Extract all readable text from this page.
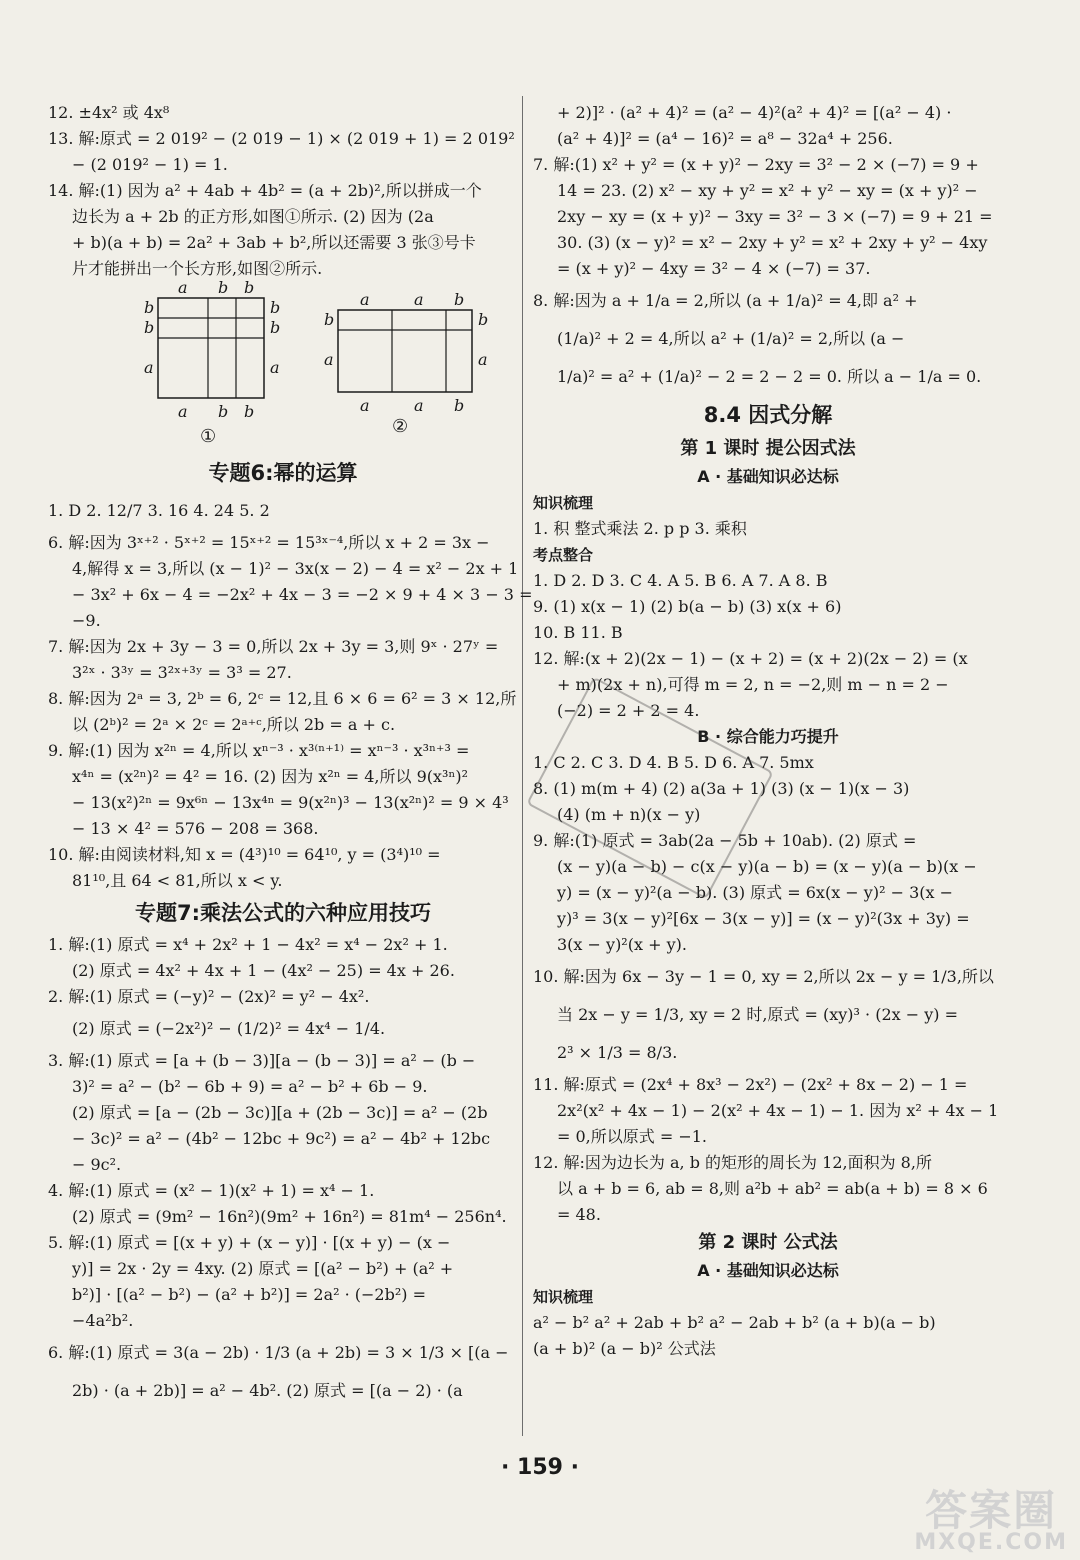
12. ±4x² 或 4x⁸
13. 解:原式 = 2 019² − (2 019 − 1) × (2 019 + 1) = 2 019²
− (2 019² − 1) = 1.
14. 解:(1) 因为 a² + 4ab + 4b² = (a + 2b)²,所以拼成一个
边长为 a + 2b 的正方形,如图①所示. (2) 因为 (2a
+ b)(a + b) = 2a² + 3ab + b²,所以还需要 3 张③号卡
片才能拼出一个长方形,如图②所示.
a b b
b
b
a
b
b
a
a b b
①
a	a b
b
a
b
a
a	a b
②
专题6:幂的运算
1. D 2. 12/7 3. 16 4. 24 5. 2
6. 解:因为 3ˣ⁺² · 5ˣ⁺² = 15ˣ⁺² = 15³ˣ⁻⁴,所以 x + 2 = 3x −
4,解得 x = 3,所以 (x − 1)² − 3x(x − 2) − 4 = x² − 2x + 1
− 3x² + 6x − 4 = −2x² + 4x − 3 = −2 × 9 + 4 × 3 − 3 =
−9.
7. 解:因为 2x + 3y − 3 = 0,所以 2x + 3y = 3,则 9ˣ · 27ʸ =
3²ˣ · 3³ʸ = 3²ˣ⁺³ʸ = 3³ = 27.
8. 解:因为 2ᵃ = 3, 2ᵇ = 6, 2ᶜ = 12,且 6 × 6 = 6² = 3 × 12,所
以 (2ᵇ)² = 2ᵃ × 2ᶜ = 2ᵃ⁺ᶜ,所以 2b = a + c.
9. 解:(1) 因为 x²ⁿ = 4,所以 xⁿ⁻³ · x³⁽ⁿ⁺¹⁾ = xⁿ⁻³ · x³ⁿ⁺³ =
x⁴ⁿ = (x²ⁿ)² = 4² = 16. (2) 因为 x²ⁿ = 4,所以 9(x³ⁿ)²
− 13(x²)²ⁿ = 9x⁶ⁿ − 13x⁴ⁿ = 9(x²ⁿ)³ − 13(x²ⁿ)² = 9 × 4³
− 13 × 4² = 576 − 208 = 368.
10. 解:由阅读材料,知 x = (4³)¹⁰ = 64¹⁰, y = (3⁴)¹⁰ =
81¹⁰,且 64 < 81,所以 x < y.
专题7:乘法公式的六种应用技巧
1. 解:(1) 原式 = x⁴ + 2x² + 1 − 4x² = x⁴ − 2x² + 1.
(2) 原式 = 4x² + 4x + 1 − (4x² − 25) = 4x + 26.
2. 解:(1) 原式 = (−y)² − (2x)² = y² − 4x².
(2) 原式 = (−2x²)² − (1/2)² = 4x⁴ − 1/4.
3. 解:(1) 原式 = [a + (b − 3)][a − (b − 3)] = a² − (b −
3)² = a² − (b² − 6b + 9) = a² − b² + 6b − 9.
(2) 原式 = [a − (2b − 3c)][a + (2b − 3c)] = a² − (2b
− 3c)² = a² − (4b² − 12bc + 9c²) = a² − 4b² + 12bc
− 9c².
4. 解:(1) 原式 = (x² − 1)(x² + 1) = x⁴ − 1.
(2) 原式 = (9m² − 16n²)(9m² + 16n²) = 81m⁴ − 256n⁴.
5. 解:(1) 原式 = [(x + y) + (x − y)] · [(x + y) − (x −
y)] = 2x · 2y = 4xy. (2) 原式 = [(a² − b²) + (a² +
b²)] · [(a² − b²) − (a² + b²)] = 2a² · (−2b²) =
−4a²b².
6. 解:(1) 原式 = 3(a − 2b) · 1/3 (a + 2b) = 3 × 1/3 × [(a −
2b) · (a + 2b)] = a² − 4b². (2) 原式 = [(a − 2) · (a
+ 2)]² · (a² + 4)² = (a² − 4)²(a² + 4)² = [(a² − 4) ·
(a² + 4)]² = (a⁴ − 16)² = a⁸ − 32a⁴ + 256.
7. 解:(1) x² + y² = (x + y)² − 2xy = 3² − 2 × (−7) = 9 +
14 = 23. (2) x² − xy + y² = x² + y² − xy = (x + y)² −
2xy − xy = (x + y)² − 3xy = 3² − 3 × (−7) = 9 + 21 =
30. (3) (x − y)² = x² − 2xy + y² = x² + 2xy + y² − 4xy
= (x + y)² − 4xy = 3² − 4 × (−7) = 37.
8. 解:因为 a + 1/a = 2,所以 (a + 1/a)² = 4,即 a² +
(1/a)² + 2 = 4,所以 a² + (1/a)² = 2,所以 (a −
1/a)² = a² + (1/a)² − 2 = 2 − 2 = 0. 所以 a − 1/a = 0.
8.4 因式分解
第 1 课时 提公因式法
A · 基础知识必达标
知识梳理
1. 积 整式乘法 2. p p 3. 乘积
考点整合
1. D 2. D 3. C 4. A 5. B 6. A 7. A 8. B
9. (1) x(x − 1) (2) b(a − b) (3) x(x + 6)
10. B 11. B
12. 解:(x + 2)(2x − 1) − (x + 2) = (x + 2)(2x − 2) = (x
+ m)(2x + n),可得 m = 2, n = −2,则 m − n = 2 −
(−2) = 2 + 2 = 4.
B · 综合能力巧提升
1. C 2. C 3. D 4. B 5. D 6. A 7. 5mx
8. (1) m(m + 4) (2) a(3a + 1) (3) (x − 1)(x − 3)
(4) (m + n)(x − y)
9. 解:(1) 原式 = 3ab(2a − 5b + 10ab). (2) 原式 =
(x − y)(a − b) − c(x − y)(a − b) = (x − y)(a − b)(x −
y) = (x − y)²(a − b). (3) 原式 = 6x(x − y)² − 3(x −
y)³ = 3(x − y)²[6x − 3(x − y)] = (x − y)²(3x + 3y) =
3(x − y)²(x + y).
10. 解:因为 6x − 3y − 1 = 0, xy = 2,所以 2x − y = 1/3,所以
当 2x − y = 1/3, xy = 2 时,原式 = (xy)³ · (2x − y) =
2³ × 1/3 = 8/3.
11. 解:原式 = (2x⁴ + 8x³ − 2x²) − (2x² + 8x − 2) − 1 =
2x²(x² + 4x − 1) − 2(x² + 4x − 1) − 1. 因为 x² + 4x − 1
= 0,所以原式 = −1.
12. 解:因为边长为 a, b 的矩形的周长为 12,面积为 8,所
以 a + b = 6, ab = 8,则 a²b + ab² = ab(a + b) = 8 × 6
= 48.
第 2 课时 公式法
A · 基础知识必达标
知识梳理
a² − b² a² + 2ab + b² a² − 2ab + b² (a + b)(a − b)
(a + b)² (a − b)² 公式法
· 159 ·
答案圈
MXQE.COM
